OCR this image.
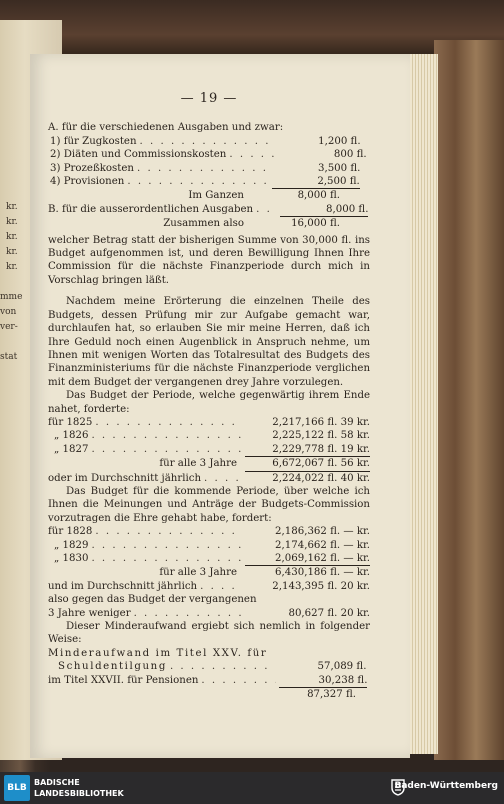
kr.
kr.
kr.
kr.
kr.
mme
von
ver-
stat
— 19 —
A. für die verschiedenen Ausgaben und zwar:
1) für Zugkosten . . .	1,200 fl.
2) Diäten und Commissionskosten . . .	800 fl.
3) Prozeßkosten . . .	3,500 fl.
4) Provisionen . . .	2,500 fl.
Im Ganzen	8,000 fl.
B. für die ausserordentlichen Ausgaben . . .	8,000 fl.
Zusammen also	16,000 fl.

welcher Betrag statt der bisherigen Summe von 30,000 fl. ins Budget aufgenommen ist, und deren Bewilligung Ihnen Ihre Commission für die nächste Finanzperiode durch mich in Vorschlag bringen läßt.

Nachdem meine Erörterung die einzelnen Theile des Budgets, dessen Prüfung mir zur Aufgabe gemacht war, durchlaufen hat, so erlauben Sie mir meine Herren, daß ich Ihre Geduld noch einen Augenblick in Anspruch nehme, um Ihnen mit wenigen Worten das Totalresultat des Budgets des Finanzministeriums für die nächste Finanzperiode verglichen mit dem Budget der vergangenen drey Jahre vorzulegen.

Das Budget der Periode, welche gegenwärtig ihrem Ende nahet, forderte:

für 1825 . . .	2,217,166 fl. 39 kr.
„ 1826 . . .	2,225,122 fl. 58 kr.
„ 1827 . . .	2,229,778 fl. 19 kr.
für alle 3 Jahre	6,672,067 fl. 56 kr.
oder im Durchschnitt jährlich . . .	2,224,022 fl. 40 kr.

Das Budget für die kommende Periode, über welche ich Ihnen die Meinungen und Anträge der Budgets-Commission vorzutragen die Ehre gehabt habe, fordert:

für 1828 . . .	2,186,362 fl. — kr.
„ 1829 . . .	2,174,662 fl. — kr.
„ 1830 . . .	2,069,162 fl. — kr.
für alle 3 Jahre	6,430,186 fl. — kr.
und im Durchschnitt jährlich . . .	2,143,395 fl. 20 kr.
also gegen das Budget der vergangenen
3 Jahre weniger . . .	80,627 fl. 20 kr.

Dieser Minderaufwand ergiebt sich nemlich in folgender Weise:

Minderaufwand im Titel XXV. für
Schuldentilgung . . .	57,089 fl.
im Titel XXVII. für Pensionen . . .	30,238 fl.
87,327 fl.
BLB
BADISCHE
LANDESBIBLIOTHEK
Baden-Württemberg
